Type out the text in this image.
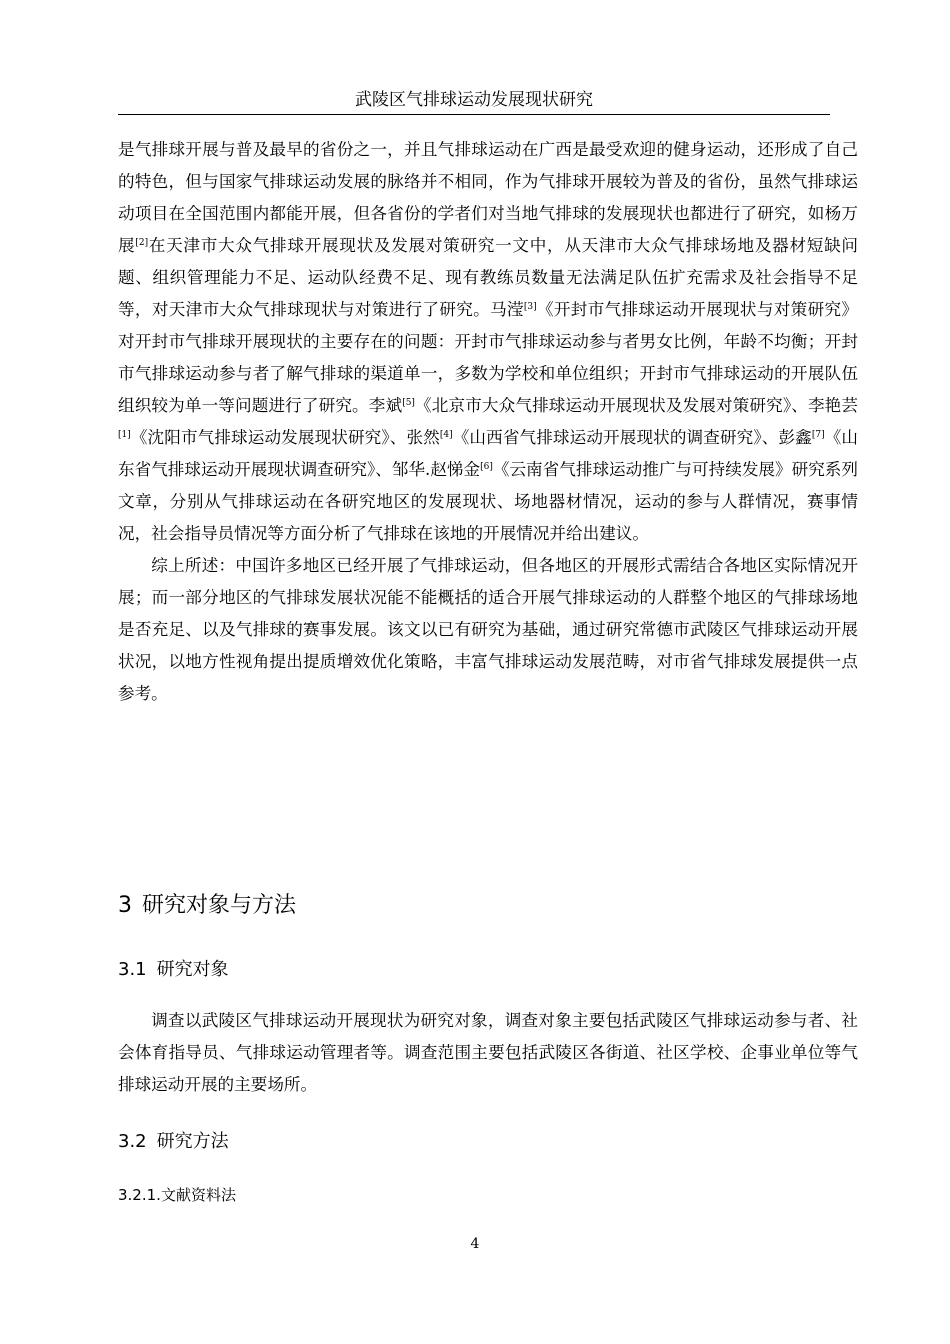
武陵区气排球运动发展现状研究

是气排球开展与普及最早的省份之一，并且气排球运动在广西是最受欢迎的健身运动，还形成了自己的特色，但与国家气排球运动发展的脉络并不相同，作为气排球开展较为普及的省份，虽然气排球运动项目在全国范围内都能开展，但各省份的学者们对当地气排球的发展现状也都进行了研究，如杨万展[2]在天津市大众气排球开展现状及发展对策研究一文中，从天津市大众气排球场地及器材短缺问题、组织管理能力不足、运动队经费不足、现有教练员数量无法满足队伍扩充需求及社会指导不足等，对天津市大众气排球现状与对策进行了研究。马滢[3]《开封市气排球运动开展现状与对策研究》对开封市气排球开展现状的主要存在的问题：开封市气排球运动参与者男女比例，年龄不均衡；开封市气排球运动参与者了解气排球的渠道单一，多数为学校和单位组织；开封市气排球运动的开展队伍组织较为单一等问题进行了研究。李斌[5]《北京市大众气排球运动开展现状及发展对策研究》、李艳芸[1]《沈阳市气排球运动发展现状研究》、张然[4]《山西省气排球运动开展现状的调查研究》、彭鑫[7]《山东省气排球运动开展现状调查研究》、邹华.赵悌金[6]《云南省气排球运动推广与可持续发展》研究系列文章，分别从气排球运动在各研究地区的发展现状、场地器材情况，运动的参与人群情况，赛事情况，社会指导员情况等方面分析了气排球在该地的开展情况并给出建议。

综上所述：中国许多地区已经开展了气排球运动，但各地区的开展形式需结合各地区实际情况开展；而一部分地区的气排球发展状况能不能概括的适合开展气排球运动的人群整个地区的气排球场地是否充足、以及气排球的赛事发展。该文以已有研究为基础，通过研究常德市武陵区气排球运动开展状况，以地方性视角提出提质增效优化策略，丰富气排球运动发展范畴，对市省气排球发展提供一点参考。

3 研究对象与方法
3.1 研究对象

调查以武陵区气排球运动开展现状为研究对象，调查对象主要包括武陵区气排球运动参与者、社会体育指导员、气排球运动管理者等。调查范围主要包括武陵区各街道、社区学校、企事业单位等气排球运动开展的主要场所。

3.2 研究方法
3.2.1.文献资料法
4
